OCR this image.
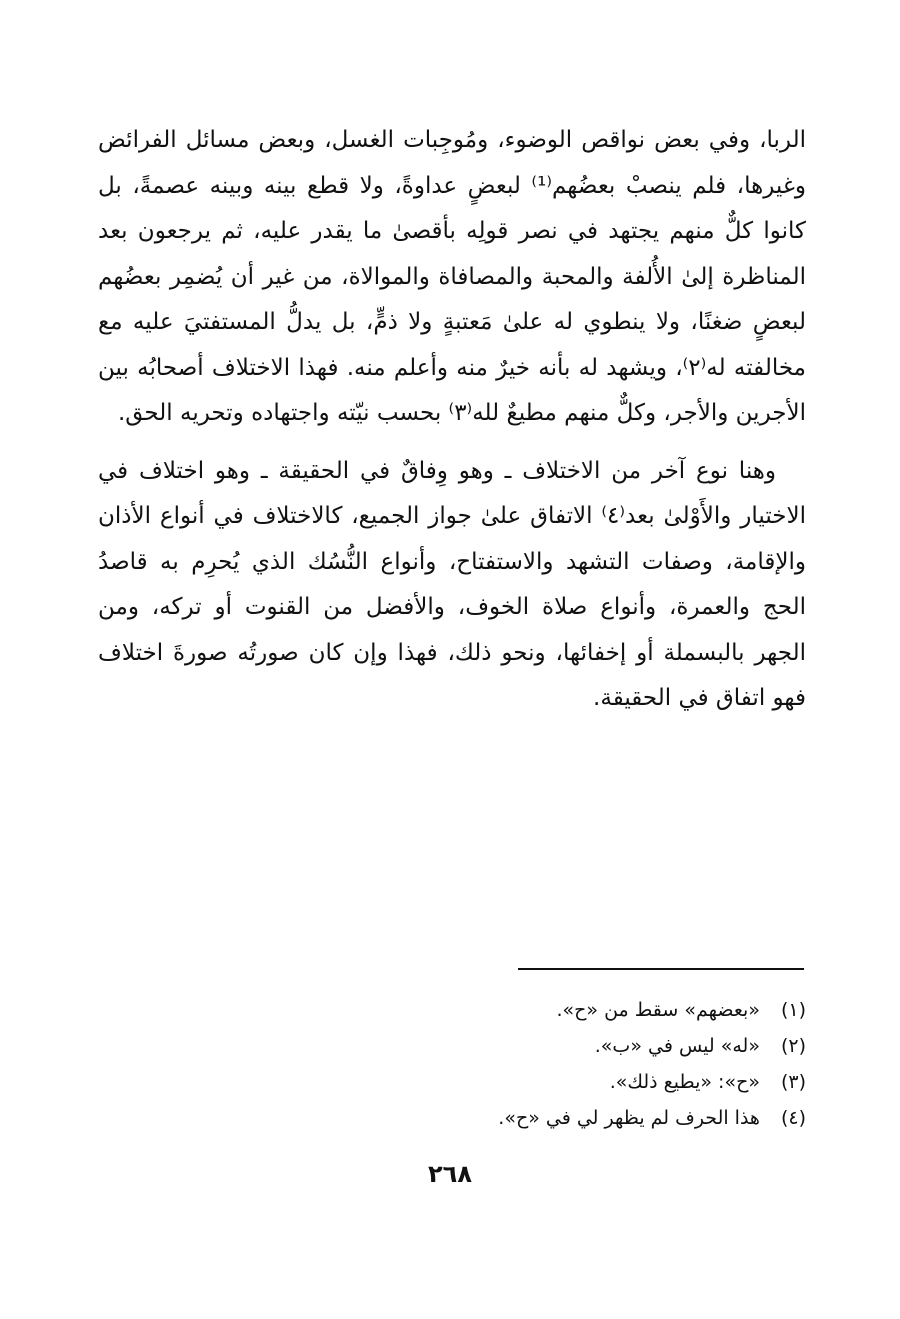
الربا، وفي بعض نواقص الوضوء، ومُوجِبات الغسل، وبعض مسائل الفرائض وغيرها، فلم ينصبْ بعضُهم⁽¹⁾ لبعضٍ عداوةً، ولا قطع بينه وبينه عصمةً، بل كانوا كلٌّ منهم يجتهد في نصر قولِه بأقصىٰ ما يقدر عليه، ثم يرجعون بعد المناظرة إلىٰ الأُلفة والمحبة والمصافاة والموالاة، من غير أن يُضمِر بعضُهم لبعضٍ ضغنًا، ولا ينطوي له علىٰ مَعتبةٍ ولا ذمٍّ، بل يدلُّ المستفتيَ عليه مع مخالفته له⁽٢⁾، ويشهد له بأنه خيرٌ منه وأعلم منه. فهذا الاختلاف أصحابُه بين الأجرين والأجر، وكلٌّ منهم مطيعٌ لله⁽٣⁾ بحسب نيّته واجتهاده وتحريه الحق.

وهنا نوع آخر من الاختلاف ـ وهو وِفاقٌ في الحقيقة ـ وهو اختلاف في الاختيار والأَوْلىٰ بعد⁽٤⁾ الاتفاق علىٰ جواز الجميع، كالاختلاف في أنواع الأذان والإقامة، وصفات التشهد والاستفتاح، وأنواع النُّسُك الذي يُحرِم به قاصدُ الحج والعمرة، وأنواع صلاة الخوف، والأفضل من القنوت أو تركه، ومن الجهر بالبسملة أو إخفائها، ونحو ذلك، فهذا وإن كان صورتُه صورةَ اختلاف فهو اتفاق في الحقيقة.

(١) «بعضهم» سقط من «ح».
(٢) «له» ليس في «ب».
(٣) «ح»: «يطيع ذلك».
(٤) هذا الحرف لم يظهر لي في «ح».
٢٦٨
